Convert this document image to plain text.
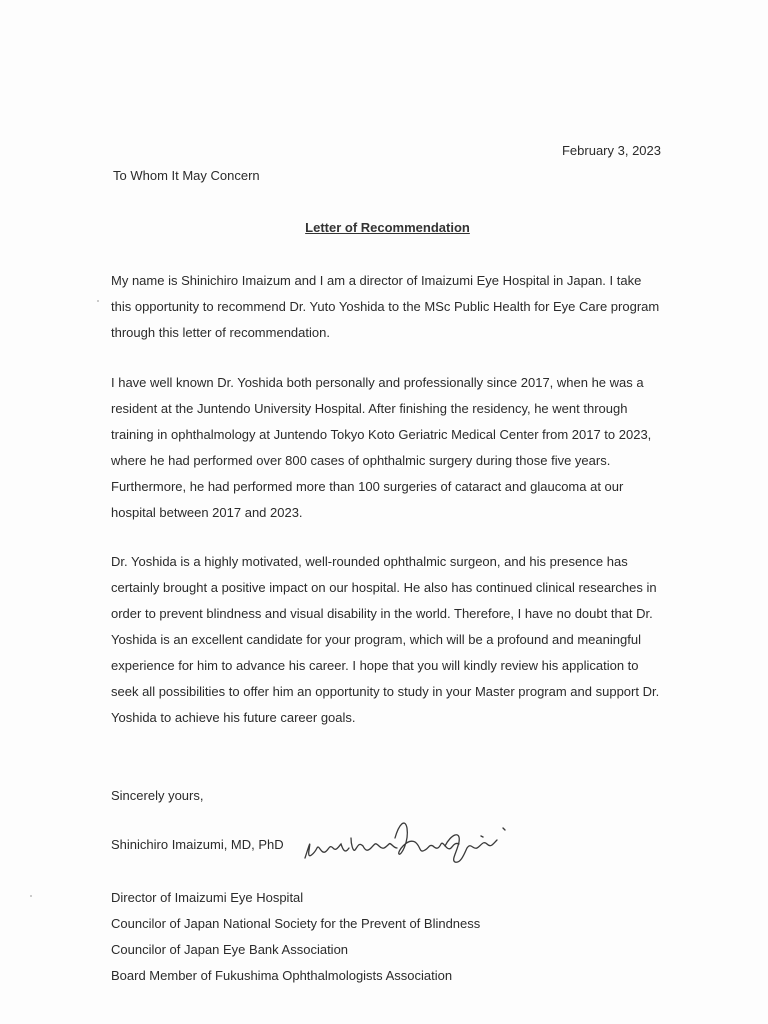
February 3, 2023
To Whom It May Concern
Letter of Recommendation

My name is Shinichiro Imaizum and I am a director of Imaizumi Eye Hospital in Japan. I take this opportunity to recommend Dr. Yuto Yoshida to the MSc Public Health for Eye Care program through this letter of recommendation.

I have well known Dr. Yoshida both personally and professionally since 2017, when he was a resident at the Juntendo University Hospital. After finishing the residency, he went through training in ophthalmology at Juntendo Tokyo Koto Geriatric Medical Center from 2017 to 2023, where he had performed over 800 cases of ophthalmic surgery during those five years. Furthermore, he had performed more than 100 surgeries of cataract and glaucoma at our hospital between 2017 and 2023.

Dr. Yoshida is a highly motivated, well-rounded ophthalmic surgeon, and his presence has certainly brought a positive impact on our hospital. He also has continued clinical researches in order to prevent blindness and visual disability in the world. Therefore, I have no doubt that Dr. Yoshida is an excellent candidate for your program, which will be a profound and meaningful experience for him to advance his career. I hope that you will kindly review his application to seek all possibilities to offer him an opportunity to study in your Master program and support Dr. Yoshida to achieve his future career goals.

Sincerely yours,
Shinichiro Imaizumi, MD, PhD
Director of Imaizumi Eye Hospital
Councilor of Japan National Society for the Prevent of Blindness
Councilor of Japan Eye Bank Association
Board Member of Fukushima Ophthalmologists Association
